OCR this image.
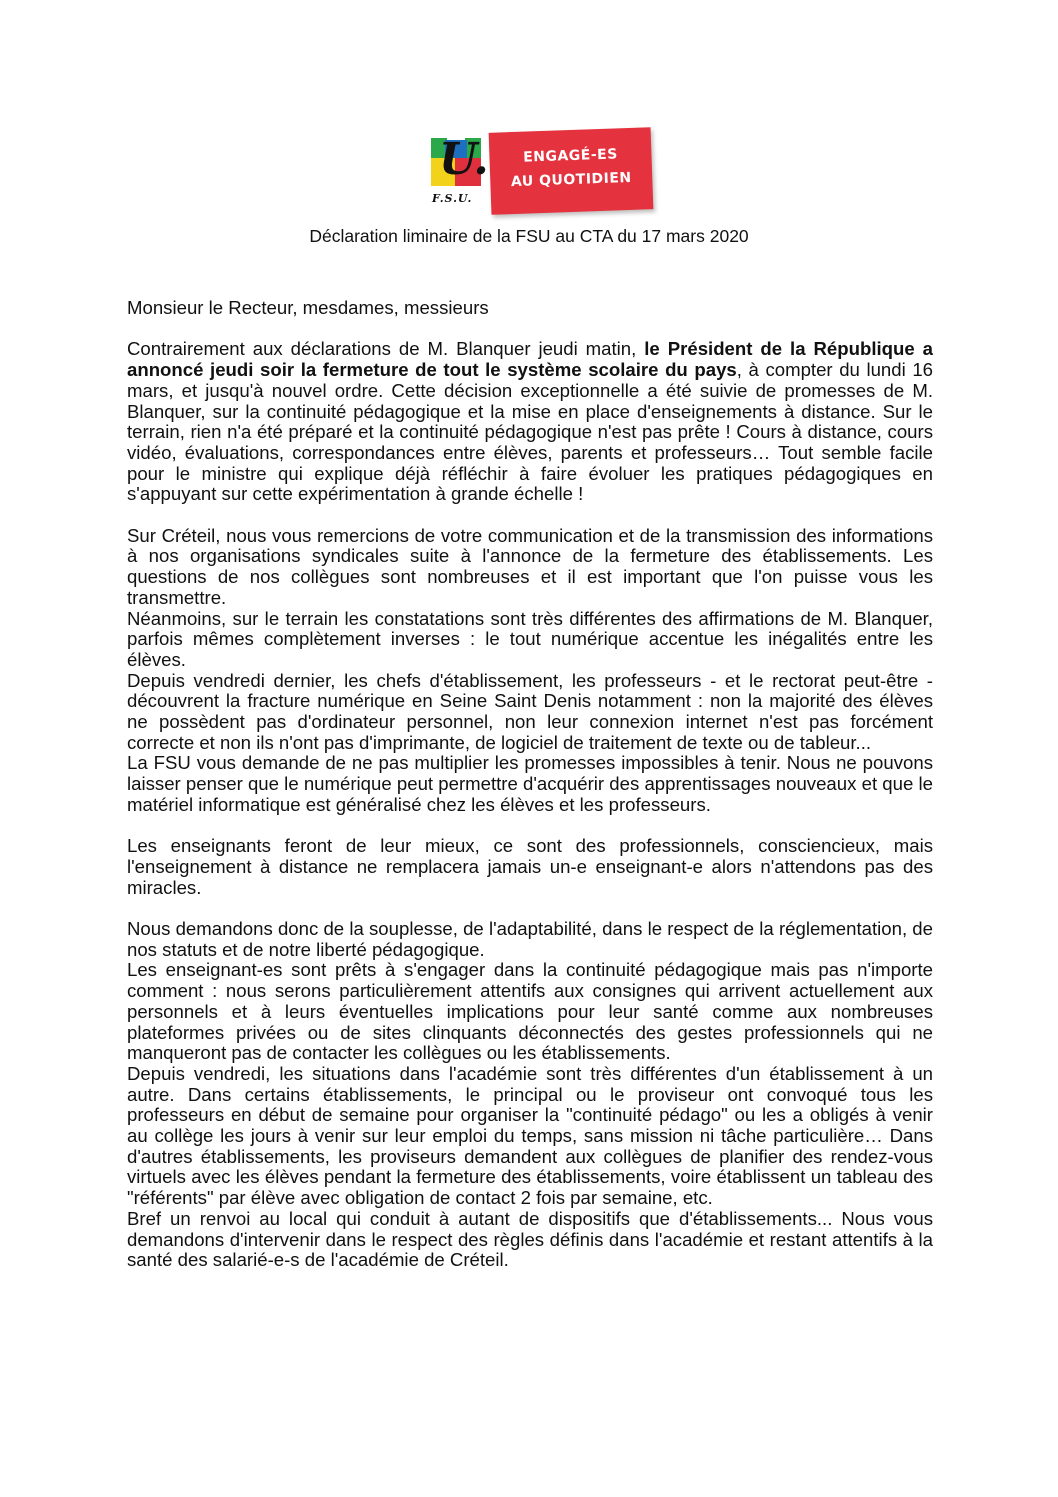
U.
F.S.U.
ENGAGÉ-ES
AU QUOTIDIEN
Déclaration liminaire de la FSU au CTA du 17 mars 2020

Monsieur le Recteur, mesdames, messieurs

Contrairement aux déclarations de M. Blanquer jeudi matin, le Président de la République a annoncé jeudi soir la fermeture de tout le système scolaire du pays, à compter du lundi 16 mars, et jusqu'à nouvel ordre. Cette décision exceptionnelle a été suivie de promesses de M. Blanquer, sur la continuité pédagogique et la mise en place d'enseignements à distance. Sur le terrain, rien n'a été préparé et la continuité pédagogique n'est pas prête ! Cours à distance, cours vidéo, évaluations, correspondances entre élèves, parents et professeurs… Tout semble facile pour le ministre qui explique déjà réfléchir à faire évoluer les pratiques pédagogiques en s'appuyant sur cette expérimentation à grande échelle !

Sur Créteil, nous vous remercions de votre communication et de la transmission des informations à nos organisations syndicales suite à l'annonce de la fermeture des établissements. Les questions de nos collègues sont nombreuses et il est important que l'on puisse vous les transmettre.

Néanmoins, sur le terrain les constatations sont très différentes des affirmations de M. Blanquer, parfois mêmes complètement inverses : le tout numérique accentue les inégalités entre les élèves.

Depuis vendredi dernier, les chefs d'établissement, les professeurs - et le rectorat peut-être - découvrent la fracture numérique en Seine Saint Denis notamment : non la majorité des élèves ne possèdent pas d'ordinateur personnel, non leur connexion internet n'est pas forcément correcte et non ils n'ont pas d'imprimante, de logiciel de traitement de texte ou de tableur...

La FSU vous demande de ne pas multiplier les promesses impossibles à tenir. Nous ne pouvons laisser penser que le numérique peut permettre d'acquérir des apprentissages nouveaux et que le matériel informatique est généralisé chez les élèves et les professeurs.

Les enseignants feront de leur mieux, ce sont des professionnels, consciencieux, mais l'enseignement à distance ne remplacera jamais un-e enseignant-e alors n'attendons pas des miracles.

Nous demandons donc de la souplesse, de l'adaptabilité, dans le respect de la réglementation, de nos statuts et de notre liberté pédagogique.

Les enseignant-es sont prêts à s'engager dans la continuité pédagogique mais pas n'importe comment : nous serons particulièrement attentifs aux consignes qui arrivent actuellement aux personnels et à leurs éventuelles implications pour leur santé comme aux nombreuses plateformes privées ou de sites clinquants déconnectés des gestes professionnels qui ne manqueront pas de contacter les collègues ou les établissements.

Depuis vendredi, les situations dans l'académie sont très différentes d'un établissement à un autre. Dans certains établissements, le principal ou le proviseur ont convoqué tous les professeurs en début de semaine pour organiser la "continuité pédago" ou les a obligés à venir au collège les jours à venir sur leur emploi du temps, sans mission ni tâche particulière… Dans d'autres établissements, les proviseurs demandent aux collègues de planifier des rendez-vous virtuels avec les élèves pendant la fermeture des établissements, voire établissent un tableau des "référents" par élève avec obligation de contact 2 fois par semaine, etc.

Bref un renvoi au local qui conduit à autant de dispositifs que d'établissements... Nous vous demandons d'intervenir dans le respect des règles définis dans l'académie et restant attentifs à la santé des salarié-e-s de l'académie de Créteil.
